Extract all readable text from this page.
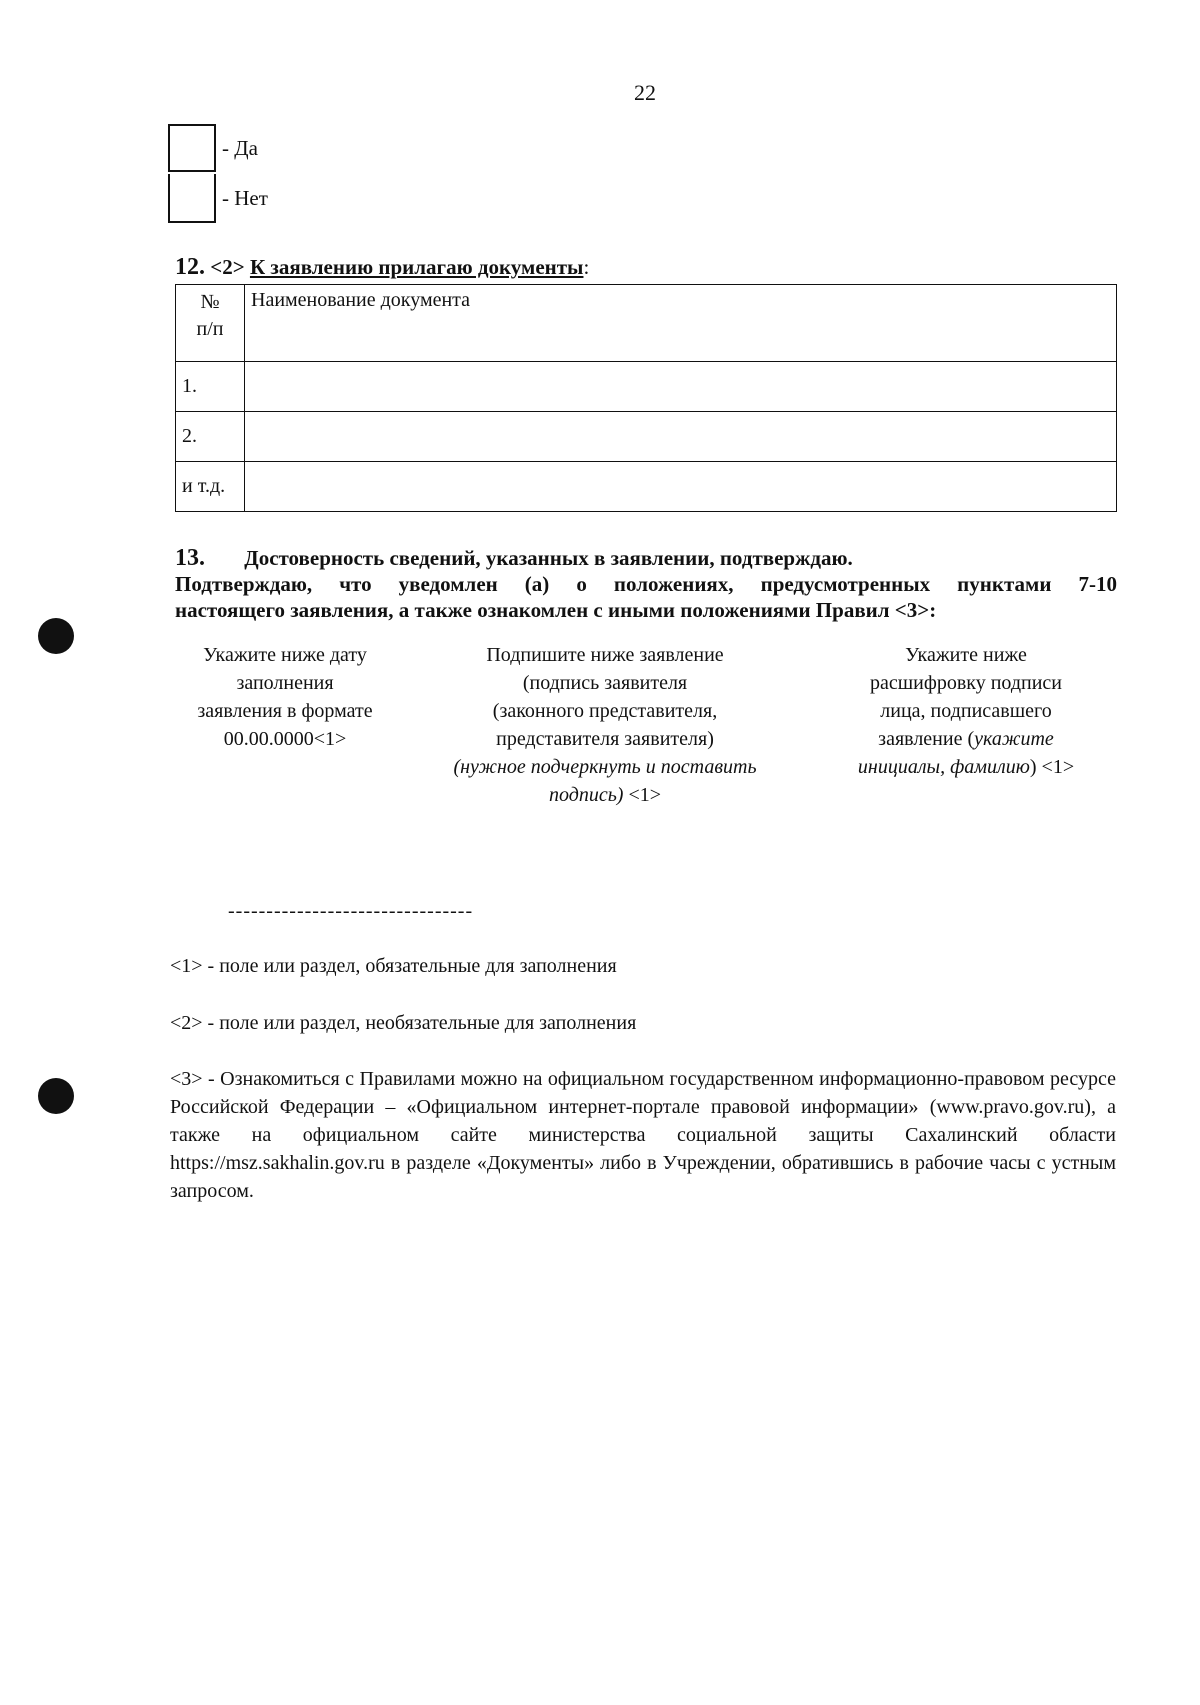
22
- Да
- Нет
12. <2> К заявлению прилагаю документы:
№
п/п	Наименование документа
1.	
2.	
и т.д.	
13. Достоверность сведений, указанных в заявлении, подтверждаю.
Подтверждаю, что уведомлен (а) о положениях, предусмотренных пунктами 7-10
настоящего заявления, а также ознакомлен с иными положениями Правил <3>:
Укажите ниже дату
заполнения
заявления в формате
00.00.0000<1>
Подпишите ниже заявление
(подпись заявителя
(законного представителя,
представителя заявителя)
(нужное подчеркнуть и поставить
подпись) <1>
Укажите ниже
расшифровку подписи
лица, подписавшего
заявление (укажите
инициалы, фамилию) <1>
--------------------------------
<1> - поле или раздел, обязательные для заполнения
<2> - поле или раздел, необязательные для заполнения
<3> - Ознакомиться с Правилами можно на официальном государственном информационно-правовом ресурсе Российской Федерации – «Официальном интернет-портале правовой информации» (www.pravo.gov.ru), а также на официальном сайте министерства социальной защиты Сахалинский области https://msz.sakhalin.gov.ru в разделе «Документы» либо в Учреждении, обратившись в рабочие часы с устным запросом.
